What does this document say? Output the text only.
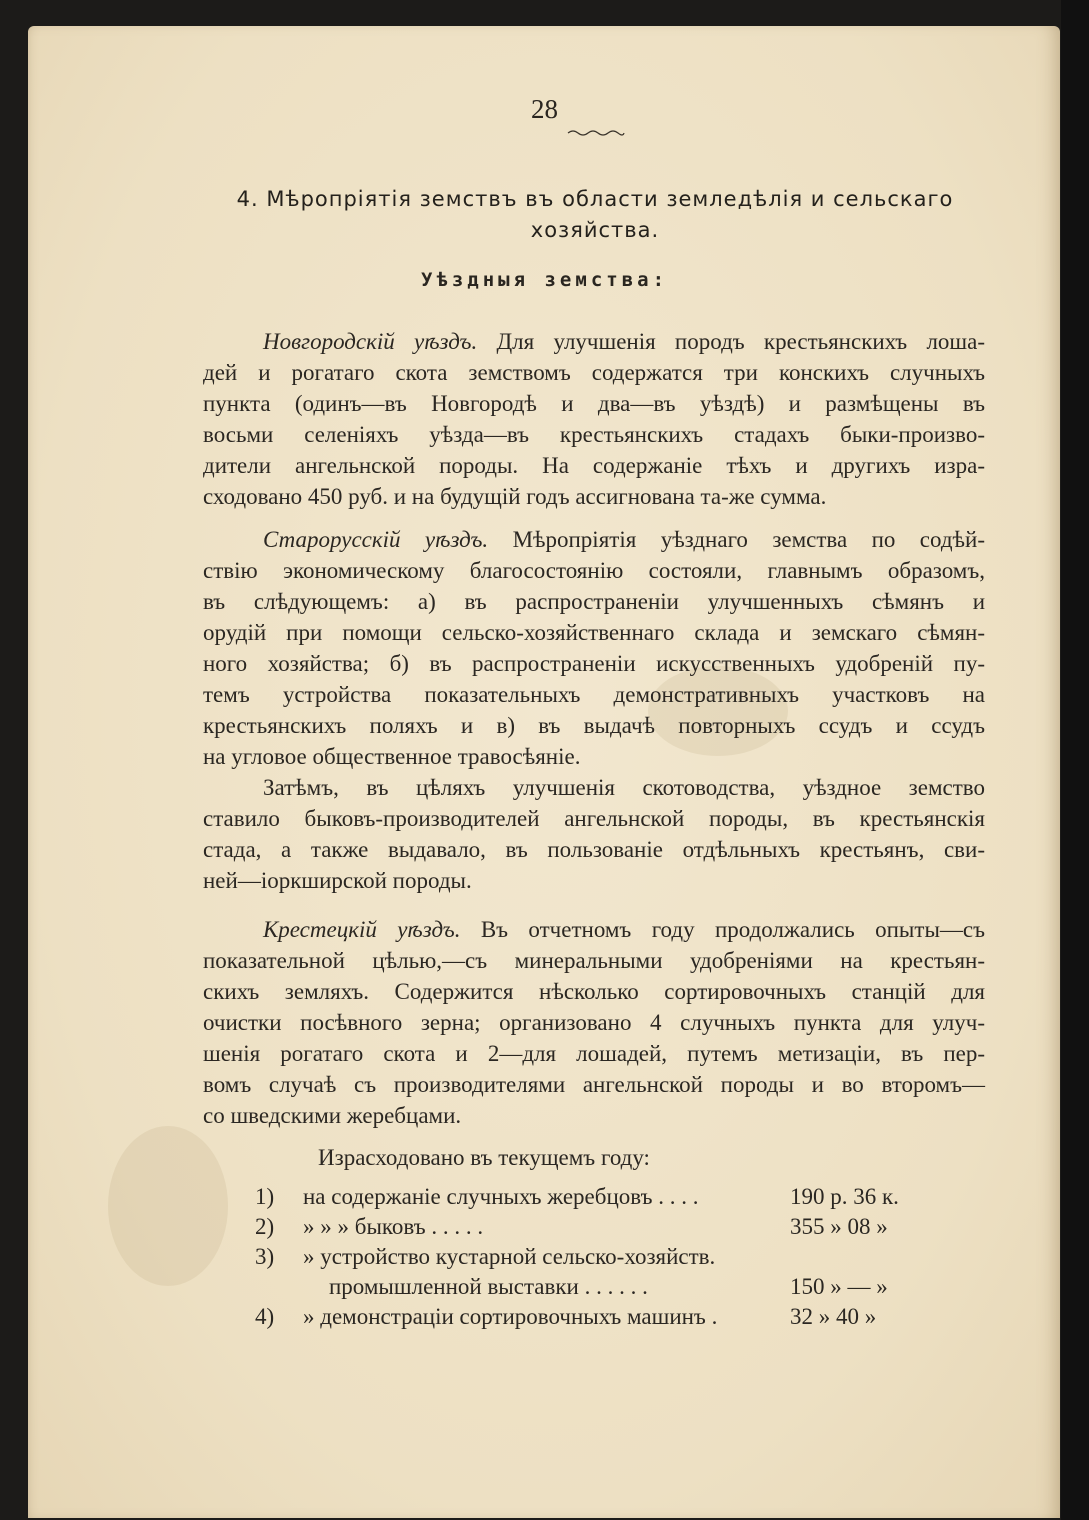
28
4. Мѣропріятія земствъ въ области земледѣлія и сельскаго
хозяйства.
Уѣздныя земства:
Новгородскій уѣздъ. Для улучшенія породъ крестьянскихъ лоша-
дей и рогатаго скота земствомъ содержатся три конскихъ случныхъ
пункта (одинъ—въ Новгородѣ и два—въ уѣздѣ) и размѣщены въ
восьми селеніяхъ уѣзда—въ крестьянскихъ стадахъ быки-произво-
дители ангельнской породы. На содержаніе тѣхъ и другихъ изра-
сходовано 450 руб. и на будущій годъ ассигнована та-же сумма.
Старорусскій уѣздъ. Мѣропріятія уѣзднаго земства по содѣй-
ствію экономическому благосостоянію состояли, главнымъ образомъ,
въ слѣдующемъ: а) въ распространеніи улучшенныхъ сѣмянъ и
орудій при помощи сельско-хозяйственнаго склада и земскаго сѣмян-
ного хозяйства; б) въ распространеніи искусственныхъ удобреній пу-
темъ устройства показательныхъ демонстративныхъ участковъ на
крестьянскихъ поляхъ и в) въ выдачѣ повторныхъ ссудъ и ссудъ
на угловое общественное травосѣяніе.
Затѣмъ, въ цѣляхъ улучшенія скотоводства, уѣздное земство
ставило быковъ-производителей ангельнской породы, въ крестьянскія
стада, а также выдавало, въ пользованіе отдѣльныхъ крестьянъ, сви-
ней—іоркширской породы.
Крестецкій уѣздъ. Въ отчетномъ году продолжались опыты—съ
показательной цѣлью,—съ минеральными удобреніями на крестьян-
скихъ земляхъ. Содержится нѣсколько сортировочныхъ станцій для
очистки посѣвного зерна; организовано 4 случныхъ пункта для улуч-
шенія рогатаго скота и 2—для лошадей, путемъ метизаціи, въ пер-
вомъ случаѣ съ производителями ангельнской породы и во второмъ—
со шведскими жеребцами.
Израсходовано въ текущемъ году:
1) на содержаніе случныхъ жеребцовъ . . . .	190 р. 36 к.
2) » » » быковъ . . . . .	355 » 08 »
3) » устройство кустарной сельско-хозяйств.
промышленной выставки . . . . . .	150 » — »
4) » демонстраціи сортировочныхъ машинъ .	32 » 40 »
